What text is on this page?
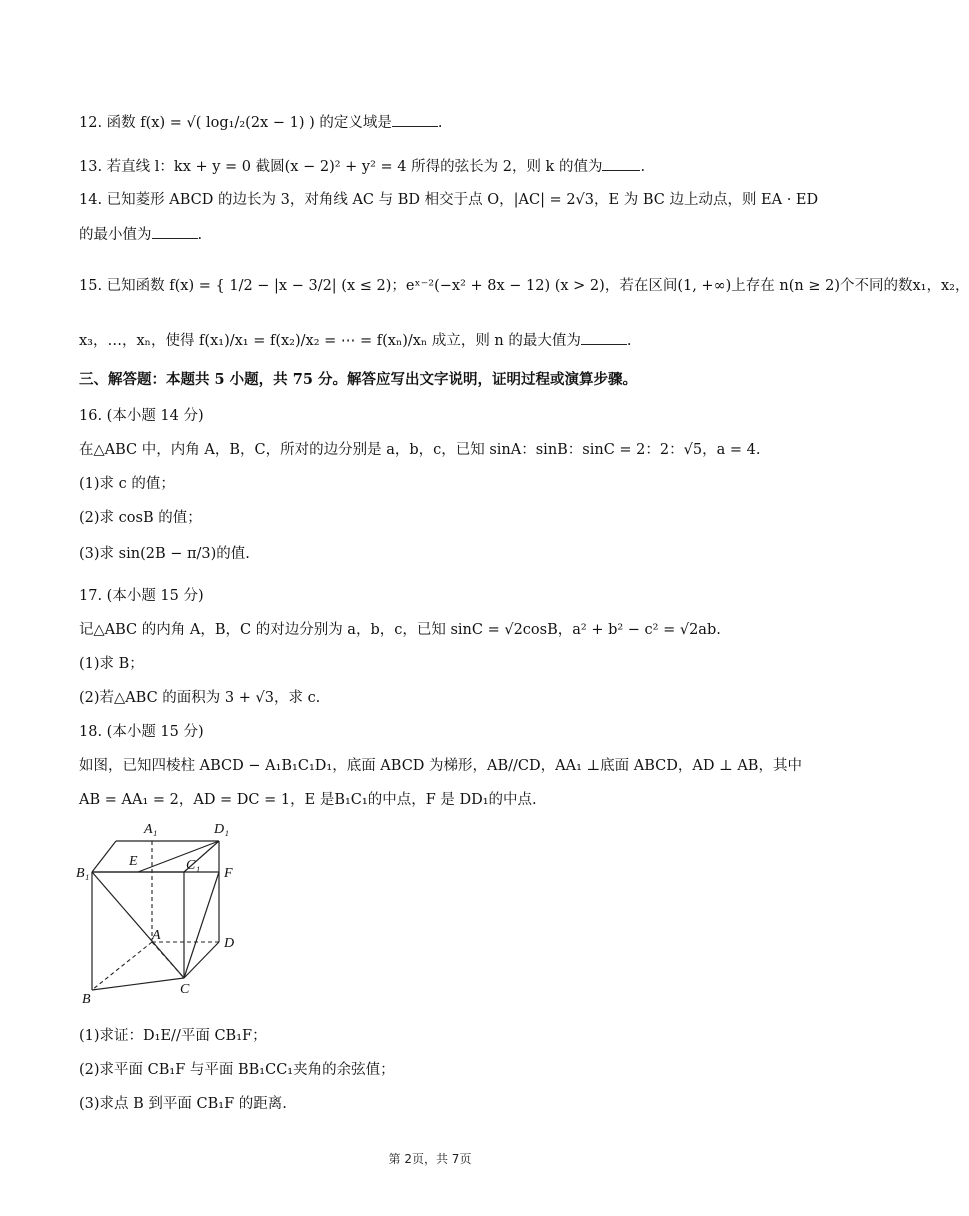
12. 函数 f(x) = √( log₁/₂(2x − 1) ) 的定义域是	.
13. 若直线 l：kx + y = 0 截圆(x − 2)² + y² = 4 所得的弦长为 2，则 k 的值为	.
14. 已知菱形 ABCD 的边长为 3，对角线 AC 与 BD 相交于点 O，|AC| = 2√3，E 为 BC 边上动点，则 EA · ED
的最小值为	.
15. 已知函数 f(x) = { 1/2 − |x − 3/2| (x ≤ 2)；eˣ⁻²(−x² + 8x − 12) (x > 2)，若在区间(1, +∞)上存在 n(n ≥ 2)个不同的数x₁，x₂，
x₃，…，xₙ，使得 f(x₁)/x₁ = f(x₂)/x₂ = ⋯ = f(xₙ)/xₙ 成立，则 n 的最大值为	.
三、解答题：本题共 5 小题，共 75 分。解答应写出文字说明，证明过程或演算步骤。
16. (本小题 14 分)
在△ABC 中，内角 A，B，C，所对的边分别是 a，b，c，已知 sinA：sinB：sinC = 2：2：√5，a = 4.
(1)求 c 的值；
(2)求 cosB 的值；
(3)求 sin(2B − π/3)的值.
17. (本小题 15 分)
记△ABC 的内角 A，B，C 的对边分别为 a，b，c，已知 sinC = √2cosB，a² + b² − c² = √2ab.
(1)求 B；
(2)若△ABC 的面积为 3 + √3，求 c.
18. (本小题 15 分)
如图，已知四棱柱 ABCD − A₁B₁C₁D₁，底面 ABCD 为梯形，AB//CD，AA₁ ⊥底面 ABCD，AD ⊥ AB，其中
AB = AA₁ = 2，AD = DC = 1，E 是B₁C₁的中点，F 是 DD₁的中点.
A₁	D₁
E	C₁
F
B₁
A
D
B
C
(1)求证：D₁E//平面 CB₁F；
(2)求平面 CB₁F 与平面 BB₁CC₁夹角的余弦值；
(3)求点 B 到平面 CB₁F 的距离.
第 2页，共 7页
